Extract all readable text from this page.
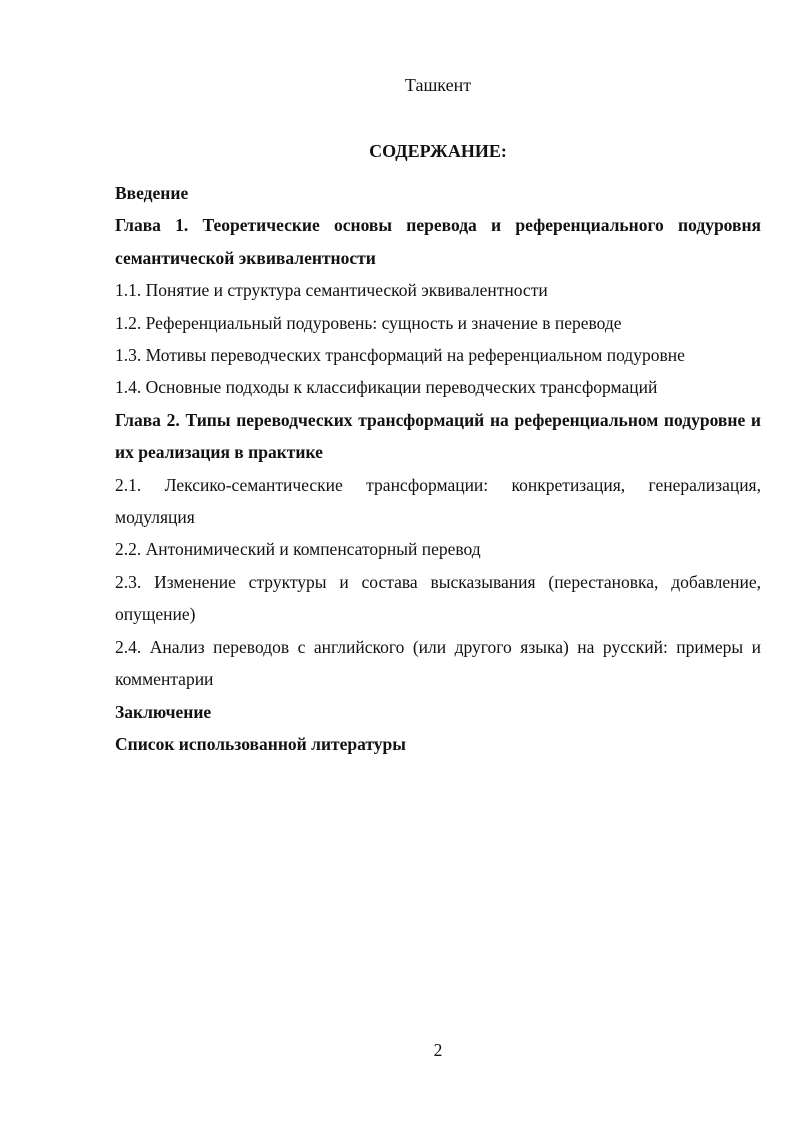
Ташкент
СОДЕРЖАНИЕ:
Введение
Глава 1. Теоретические основы перевода и референциального подуровня семантической эквивалентности
1.1. Понятие и структура семантической эквивалентности
1.2. Референциальный подуровень: сущность и значение в переводе
1.3. Мотивы переводческих трансформаций на референциальном подуровне
1.4. Основные подходы к классификации переводческих трансформаций
Глава 2. Типы переводческих трансформаций на референциальном подуровне и их реализация в практике
2.1. Лексико-семантические трансформации: конкретизация, генерализация, модуляция
2.2. Антонимический и компенсаторный перевод
2.3. Изменение структуры и состава высказывания (перестановка, добавление, опущение)
2.4. Анализ переводов с английского (или другого языка) на русский: примеры и комментарии
Заключение
Список использованной литературы
2
